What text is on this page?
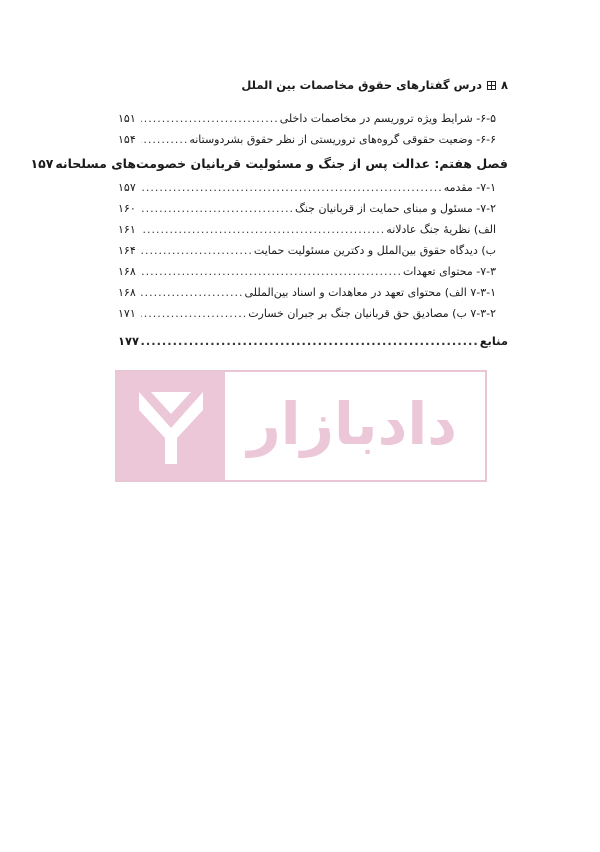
۸
درس گفتارهای حقوق مخاصمات بین الملل
۶-۵- شرایط ویژه تروریسم در مخاصمات داخلی
.....
۱۵۱
۶-۶- وضعیت حقوقی گروه‌های تروریستی از نظر حقوق بشردوستانه
.....
۱۵۴
فصل هفتم: عدالت پس از جنگ و مسئولیت قربانیان خصومت‌های مسلحانه
۱۵۷
۷-۱- مقدمه
.....
۱۵۷
۷-۲- مسئول و مبنای حمایت از قربانیان جنگ
.....
۱۶۰
الف) نظریهٔ جنگ عادلانه
.....
۱۶۱
ب) دیدگاه حقوق بین‌الملل و دکترین مسئولیت حمایت
.....
۱۶۴
۷-۳- محتوای تعهدات
.....
۱۶۸
۷-۳-۱ الف) محتوای تعهد در معاهدات و اسناد بین‌المللی
.....
۱۶۸
۷-۳-۲ ب) مصادیق حق قربانیان جنگ بر جبران خسارت
.....
۱۷۱
منابع
.....
۱۷۷
دادبازار
